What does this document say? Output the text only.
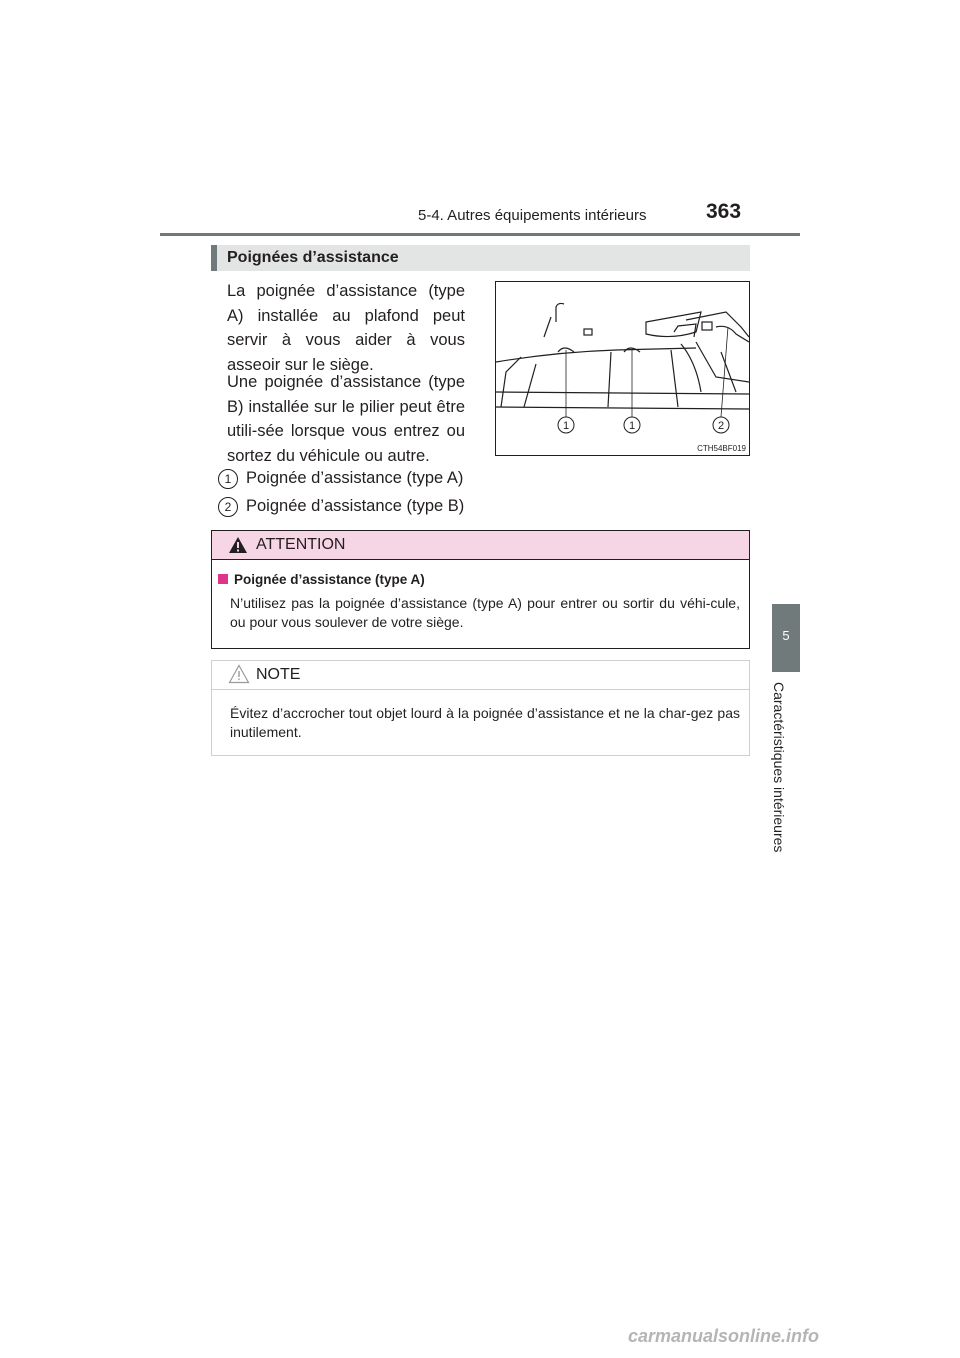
5-4. Autres équipements intérieurs	363
5
Caractéristiques intérieures
Poignées d’assistance
La poignée d’assistance (type A) installée au plafond peut servir à vous aider à vous asseoir sur le siège.
Une poignée d’assistance (type B) installée sur le pilier peut être utili-sée lorsque vous entrez ou sortez du véhicule ou autre.
1 Poignée d’assistance (type A)
2 Poignée d’assistance (type B)
1	1	2
CTH54BF019
ATTENTION
Poignée d’assistance (type A)
N’utilisez pas la poignée d’assistance (type A) pour entrer ou sortir du véhi-cule, ou pour vous soulever de votre siège.
NOTE
Évitez d’accrocher tout objet lourd à la poignée d’assistance et ne la char-gez pas inutilement.
carmanualsonline.info
